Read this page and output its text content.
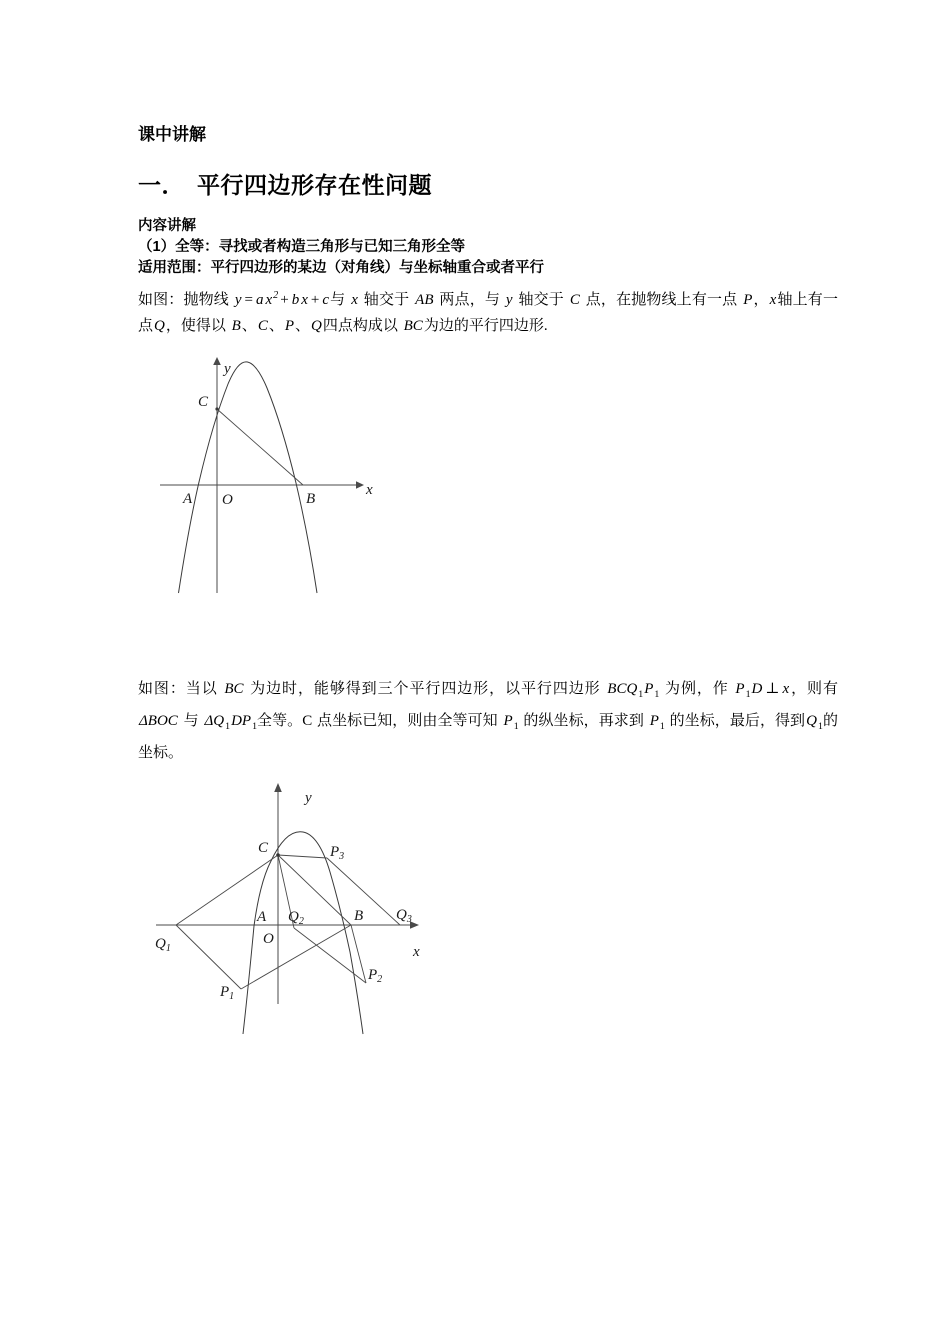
课中讲解
一． 平行四边形存在性问题

内容讲解

（1）全等：寻找或者构造三角形与已知三角形全等

适用范围：平行四边形的某边（对角线）与坐标轴重合或者平行

如图：抛物线 y = a $x^2 + b$ x + c与 x 轴交于 AB 两点，与 y 轴交于 C 点，在抛物线上有一点 P，x轴上有一点Q，使得以 B、C、P、Q四点构成以 BC为边的平行四边形.

y
x
C
A O	B

如图：当以 BC 为边时，能够得到三个平行四边形，以平行四边形 $BCQ_1P_1$ 为例，作 $P_1D$ ⊥ x，则有 ΔBOC 与 $\Delta Q_1DP_1$全等。C 点坐标已知，则由全等可知 $P_1$ 的纵坐标，再求到 $P_1$ 的坐标，最后，得到$Q_1$的坐标。

y
x
C
A
O
B
$Q_1$
$Q_2$	$Q_3$
$P_1$
$P_2$
$P_3$
